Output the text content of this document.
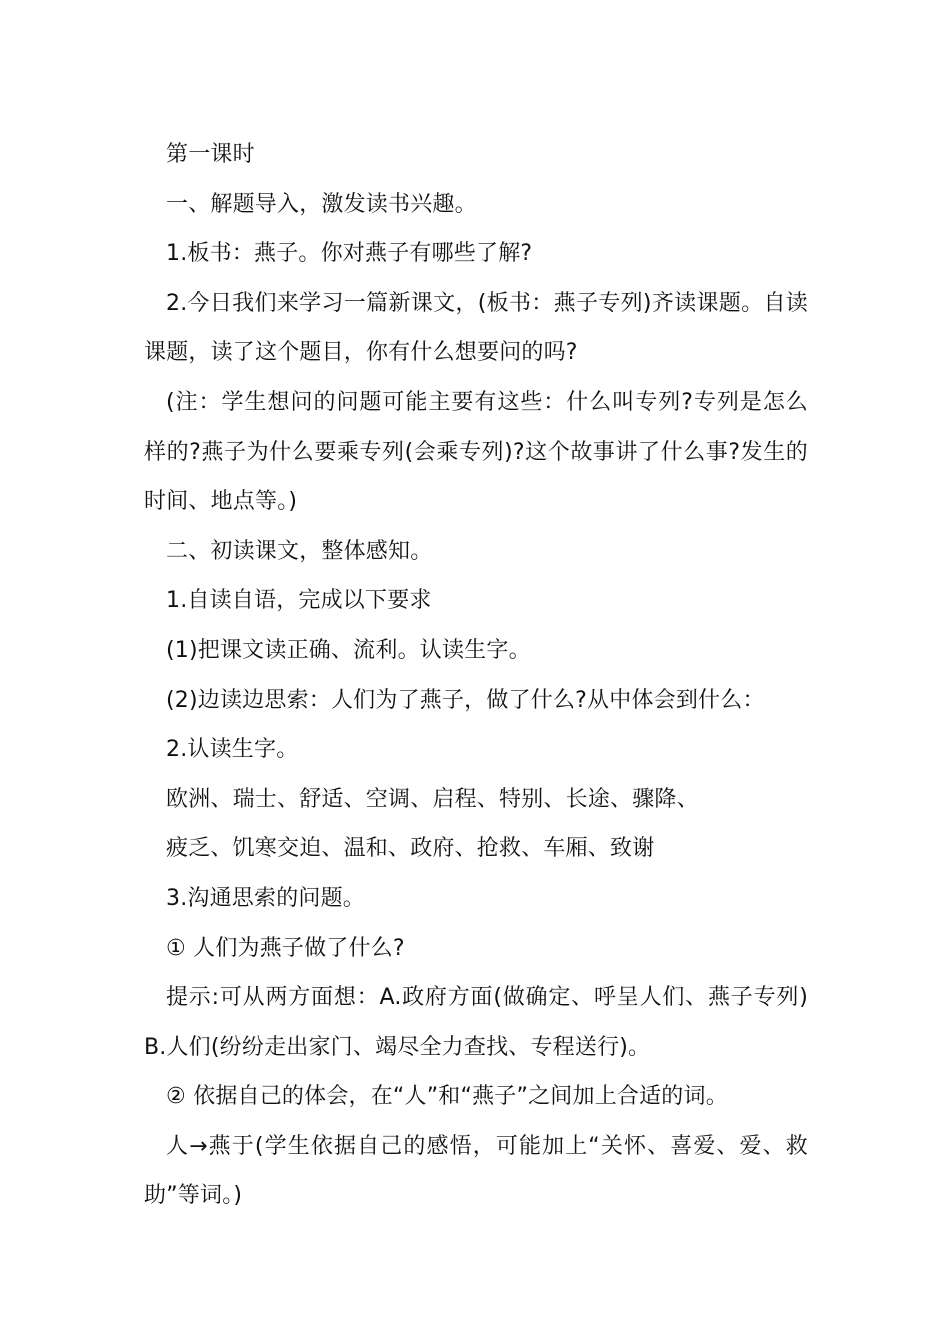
第一课时

一、解题导入，激发读书兴趣。

1.板书：燕子。你对燕子有哪些了解?

2.今日我们来学习一篇新课文，(板书：燕子专列)齐读课题。自读课题，读了这个题目，你有什么想要问的吗?

(注：学生想问的问题可能主要有这些：什么叫专列?专列是怎么样的?燕子为什么要乘专列(会乘专列)?这个故事讲了什么事?发生的时间、地点等。)

二、初读课文，整体感知。

1.自读自语，完成以下要求

(1)把课文读正确、流利。认读生字。

(2)边读边思索：人们为了燕子，做了什么?从中体会到什么：

2.认读生字。

欧洲、瑞士、舒适、空调、启程、特别、长途、骤降、

疲乏、饥寒交迫、温和、政府、抢救、车厢、致谢

3.沟通思索的问题。

① 人们为燕子做了什么?

提示:可从两方面想：A.政府方面(做确定、呼呈人们、燕子专列)B.人们(纷纷走出家门、竭尽全力查找、专程送行)。

② 依据自己的体会，在“人”和“燕子”之间加上合适的词。

人→燕于(学生依据自己的感悟，可能加上“关怀、喜爱、爱、救助”等词。)
